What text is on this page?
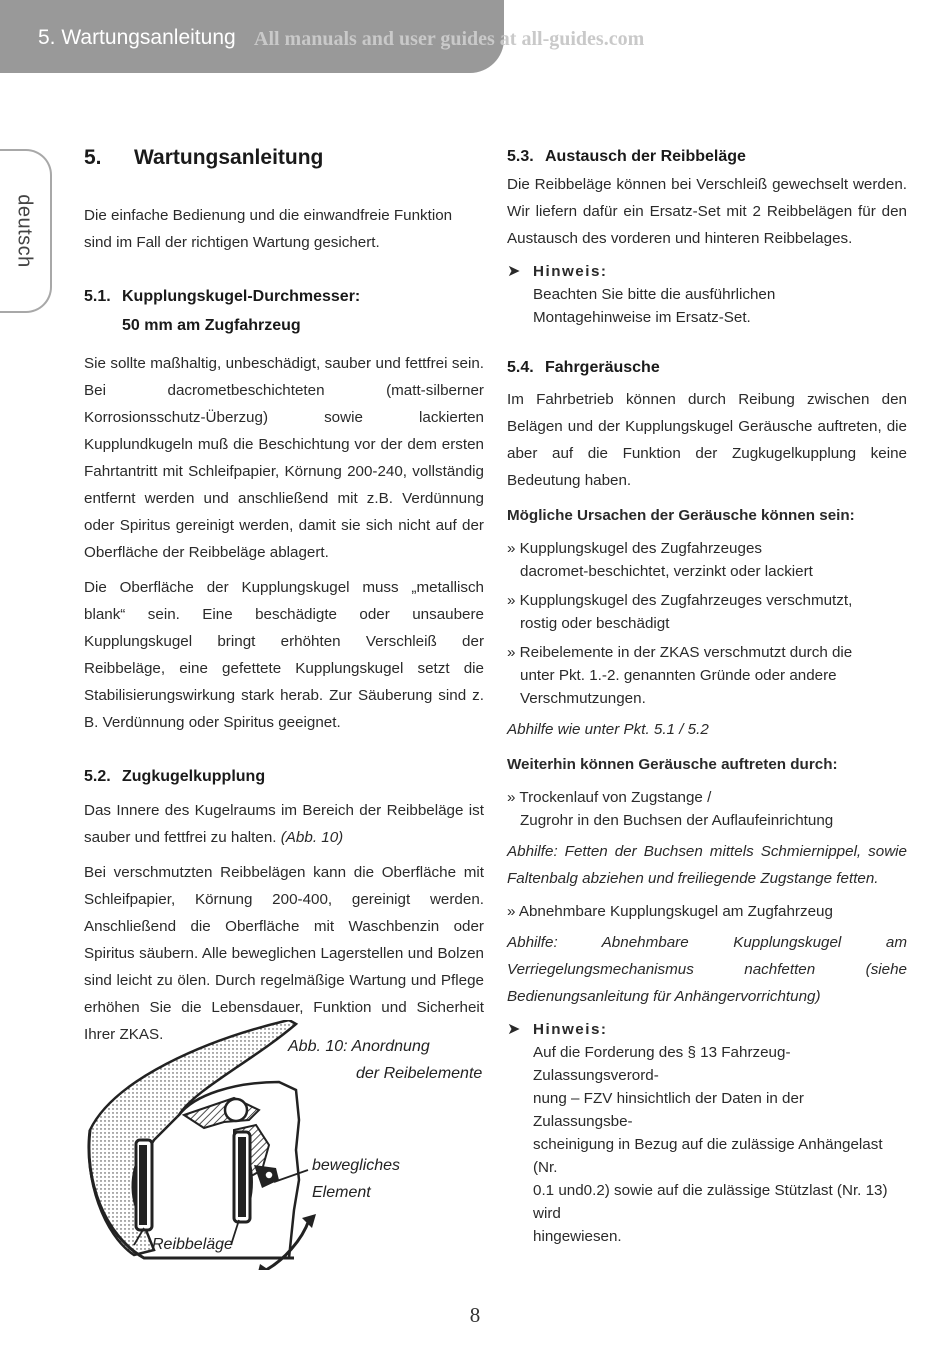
5. Wartungsanleitung All manuals and user guides at all-guides.com
deutsch
5. Wartungsanleitung

Die einfache Bedienung und die einwandfreie Funktion sind im Fall der richtigen Wartung gesichert.

5.1. Kupplungskugel-Durchmesser:
50 mm am Zugfahrzeug

Sie sollte maßhaltig, unbeschädigt, sauber und fettfrei sein. Bei dacrometbeschichteten (matt-silberner Korrosionsschutz-Überzug) sowie lackierten Kupplundkugeln muß die Beschichtung vor der dem ersten Fahrtantritt mit Schleifpapier, Körnung 200-240, vollständig entfernt werden und anschließend mit z.B. Verdünnung oder Spiritus gereinigt werden, damit sie sich nicht auf der Oberfläche der Reibbeläge ablagert.

Die Oberfläche der Kupplungskugel muss „metallisch blank“ sein. Eine beschädigte oder unsaubere Kupplungskugel bringt erhöhten Verschleiß der Reibbeläge, eine gefettete Kupplungskugel setzt die Stabilisierungswirkung stark herab. Zur Säuberung sind z. B. Verdünnung oder Spiritus geeignet.

5.2. Zugkugelkupplung

Das Innere des Kugelraums im Bereich der Reibbeläge ist sauber und fettfrei zu halten. (Abb. 10)

Bei verschmutzten Reibbelägen kann die Oberfläche mit Schleifpapier, Körnung 200-400, gereinigt werden. Anschließend die Oberfläche mit Waschbenzin oder Spiritus säubern. Alle beweglichen Lagerstellen und Bolzen sind leicht zu ölen. Durch regelmäßige Wartung und Pflege erhöhen Sie die Lebensdauer, Funktion und Sicherheit Ihrer ZKAS.

Abb. 10: Anordnung
der Reibelemente
bewegliches
Element
Reibbeläge
5.3. Austausch der Reibbeläge

Die Reibbeläge können bei Verschleiß gewechselt werden. Wir liefern dafür ein Ersatz-Set mit 2 Reibbelägen für den Austausch des vorderen und hinteren Reibbelages.

➤ Hinweis:
Beachten Sie bitte die ausführlichen
Montagehinweise im Ersatz-Set.
5.4. Fahrgeräusche

Im Fahrbetrieb können durch Reibung zwischen den Belägen und der Kupplungskugel Geräusche auftreten, die aber auf die Funktion der Zugkugelkupplung keine Bedeutung haben.

Mögliche Ursachen der Geräusche können sein:

» Kupplungskugel des Zugfahrzeuges
dacromet-beschichtet, verzinkt oder lackiert
» Kupplungskugel des Zugfahrzeuges verschmutzt,
rostig oder beschädigt
» Reibelemente in der ZKAS verschmutzt durch die
unter Pkt. 1.-2. genannten Gründe oder andere
Verschmutzungen.

Abhilfe wie unter Pkt. 5.1 / 5.2

Weiterhin können Geräusche auftreten durch:

» Trockenlauf von Zugstange /
Zugrohr in den Buchsen der Auflaufeinrichtung

Abhilfe: Fetten der Buchsen mittels Schmiernippel, sowie Faltenbalg abziehen und freiliegende Zugstange fetten.

» Abnehmbare Kupplungskugel am Zugfahrzeug

Abhilfe: Abnehmbare Kupplungskugel am Verriegelungsmechanismus nachfetten (siehe Bedienungsanleitung für Anhängervorrichtung)

➤ Hinweis:
Auf die Forderung des § 13 Fahrzeug-Zulassungsverord-
nung – FZV hinsichtlich der Daten in der Zulassungsbe-
scheinigung in Bezug auf die zulässige Anhängelast (Nr.
0.1 und0.2) sowie auf die zulässige Stützlast (Nr. 13) wird
hingewiesen.
8
